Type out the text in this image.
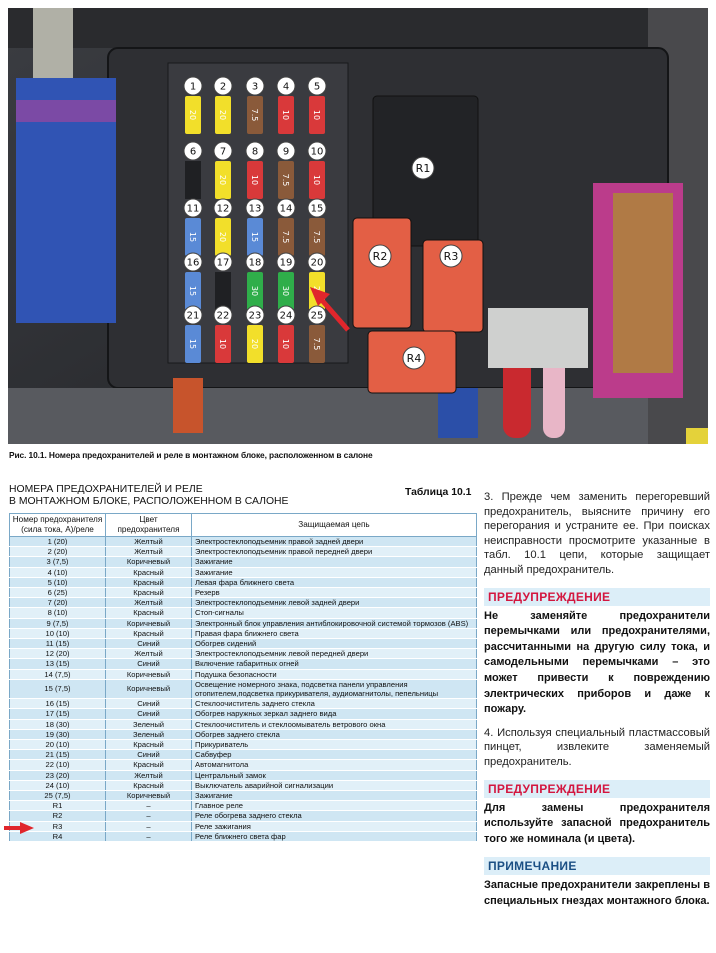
20
1
20
2
7.5
3
10
4
10
5
6
20
7
10
8
7.5
9
10
10
15
11
20
12
15
13
7.5
14
7.5
15
15
16 17
30
18
30
19 20
15
21
10
22
20
23
10
24
7.5
25
R1
R2	R3
R4
Рис. 10.1. Номера предохранителей и реле в монтажном блоке, расположенном в салоне
НОМЕРА ПРЕДОХРАНИТЕЛЕЙ И РЕЛЕ
В МОНТАЖНОМ БЛОКЕ, РАСПОЛОЖЕННОМ В САЛОНЕ
Таблица 10.1
Номер предохранителя (сила тока, А)/реле	Цвет предохранителя	Защищаемая цепь
1 (20)	Желтый	Электростеклоподъемник правой задней двери
2 (20)	Желтый	Электростеклоподъемник правой передней двери
3 (7,5)	Коричневый	Зажигание
4 (10)	Красный	Зажигание
5 (10)	Красный	Левая фара ближнего света
6 (25)	Красный	Резерв
7 (20)	Желтый	Электростеклоподъемник левой задней двери
8 (10)	Красный	Стоп-сигналы
9 (7,5)	Коричневый	Электронный блок управления антиблокировочной системой тормозов (ABS)
10 (10)	Красный	Правая фара ближнего света
11 (15)	Синий	Обогрев сидений
12 (20)	Желтый	Электростеклоподъемник левой передней двери
13 (15)	Синий	Включение габаритных огней
14 (7,5)	Коричневый	Подушка безопасности
15 (7,5)	Коричневый	Освещение номерного знака, подсветка панели управления отопителем,подсветка прикуривателя, аудиомагнитолы, пепельницы
16 (15)	Синий	Стеклоочиститель заднего стекла
17 (15)	Синий	Обогрев наружных зеркал заднего вида
18 (30)	Зеленый	Стеклоочиститель и стеклоомыватель ветрового окна
19 (30)	Зеленый	Обогрев заднего стекла
20 (10)	Красный	Прикуриватель
21 (15)	Синий	Сабвуфер
22 (10)	Красный	Автомагнитола
23 (20)	Желтый	Центральный замок
24 (10)	Красный	Выключатель аварийной сигнализации
25 (7,5)	Коричневый	Зажигание
R1	–	Главное реле
R2	–	Реле обогрева заднего стекла
R3	–	Реле зажигания
R4	–	Реле ближнего света фар
3. Прежде чем заменить перегоревший предохранитель, выясните причину его перегорания и устраните ее. При поисках неисправности просмотрите указанные в табл. 10.1 цепи, которые защищает данный предохранитель.
ПРЕДУПРЕЖДЕНИЕ
Не заменяйте предохранители перемычками или предохранителями, рассчитанными на другую силу тока, и самодельными перемычками – это может привести к повреждению электрических приборов и даже к пожару.
4. Используя специальный пластмассовый пинцет, извлеките заменяемый предохранитель.
ПРЕДУПРЕЖДЕНИЕ
Для замены предохранителя используйте запасной предохранитель того же номинала (и цвета).
ПРИМЕЧАНИЕ
Запасные предохранители закреплены в специальных гнездах монтажного блока.
